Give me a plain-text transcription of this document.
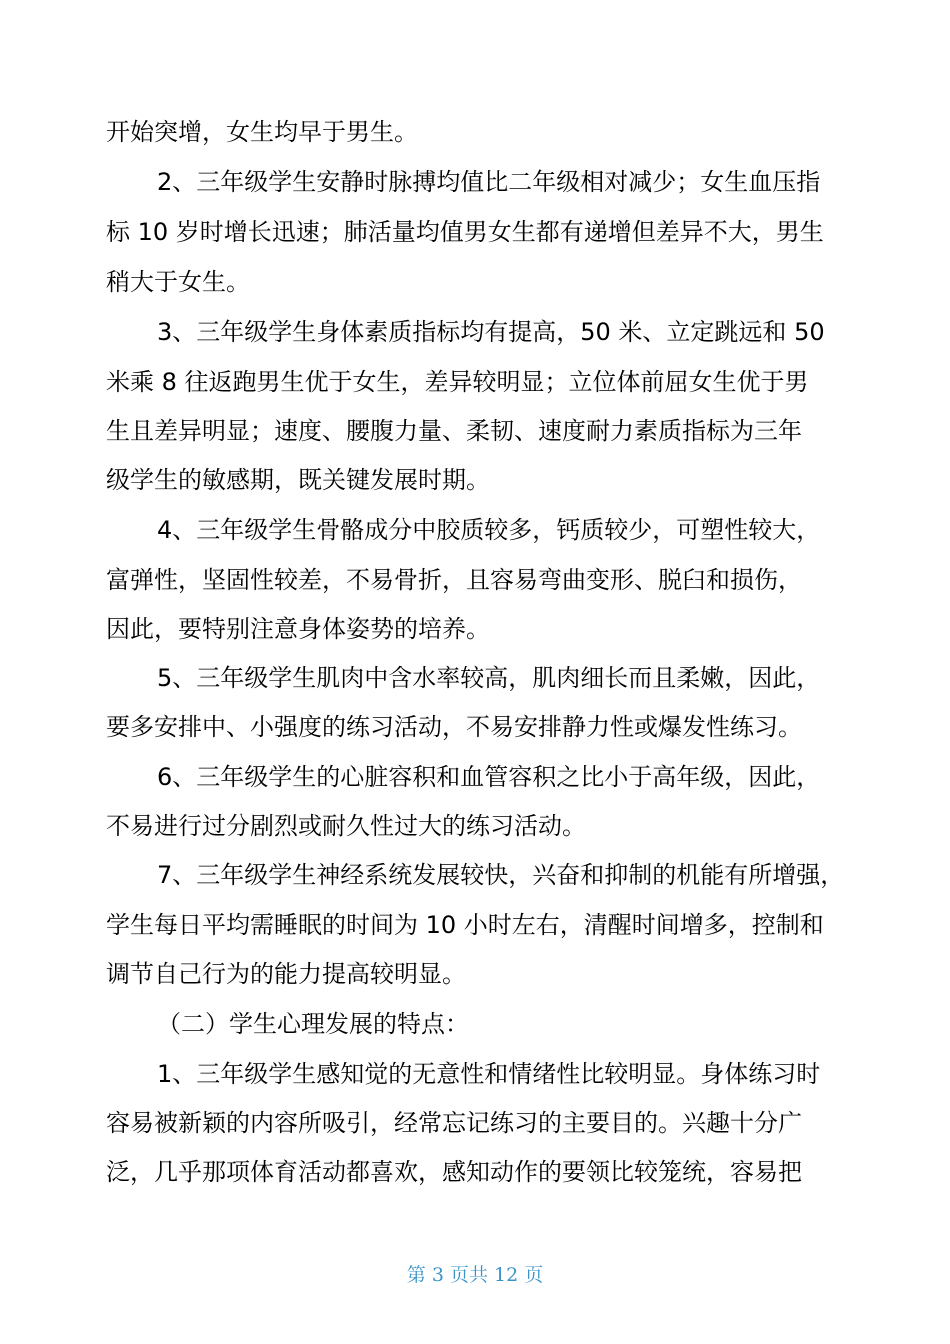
开始突增，女生均早于男生。
2、三年级学生安静时脉搏均值比二年级相对减少；女生血压指
标 10 岁时增长迅速；肺活量均值男女生都有递增但差异不大，男生
稍大于女生。
3、三年级学生身体素质指标均有提高，50 米、立定跳远和 50
米乘 8 往返跑男生优于女生，差异较明显；立位体前屈女生优于男
生且差异明显；速度、腰腹力量、柔韧、速度耐力素质指标为三年
级学生的敏感期，既关键发展时期。
4、三年级学生骨骼成分中胶质较多，钙质较少，可塑性较大，
富弹性，坚固性较差，不易骨折，且容易弯曲变形、脱臼和损伤，
因此，要特别注意身体姿势的培养。
5、三年级学生肌肉中含水率较高，肌肉细长而且柔嫩，因此，
要多安排中、小强度的练习活动，不易安排静力性或爆发性练习。
6、三年级学生的心脏容积和血管容积之比小于高年级，因此，
不易进行过分剧烈或耐久性过大的练习活动。
7、三年级学生神经系统发展较快，兴奋和抑制的机能有所增强，
学生每日平均需睡眠的时间为 10 小时左右，清醒时间增多，控制和
调节自己行为的能力提高较明显。
（二）学生心理发展的特点：
1、三年级学生感知觉的无意性和情绪性比较明显。身体练习时
容易被新颖的内容所吸引，经常忘记练习的主要目的。兴趣十分广
泛，几乎那项体育活动都喜欢，感知动作的要领比较笼统，容易把
第 3 页共 12 页
